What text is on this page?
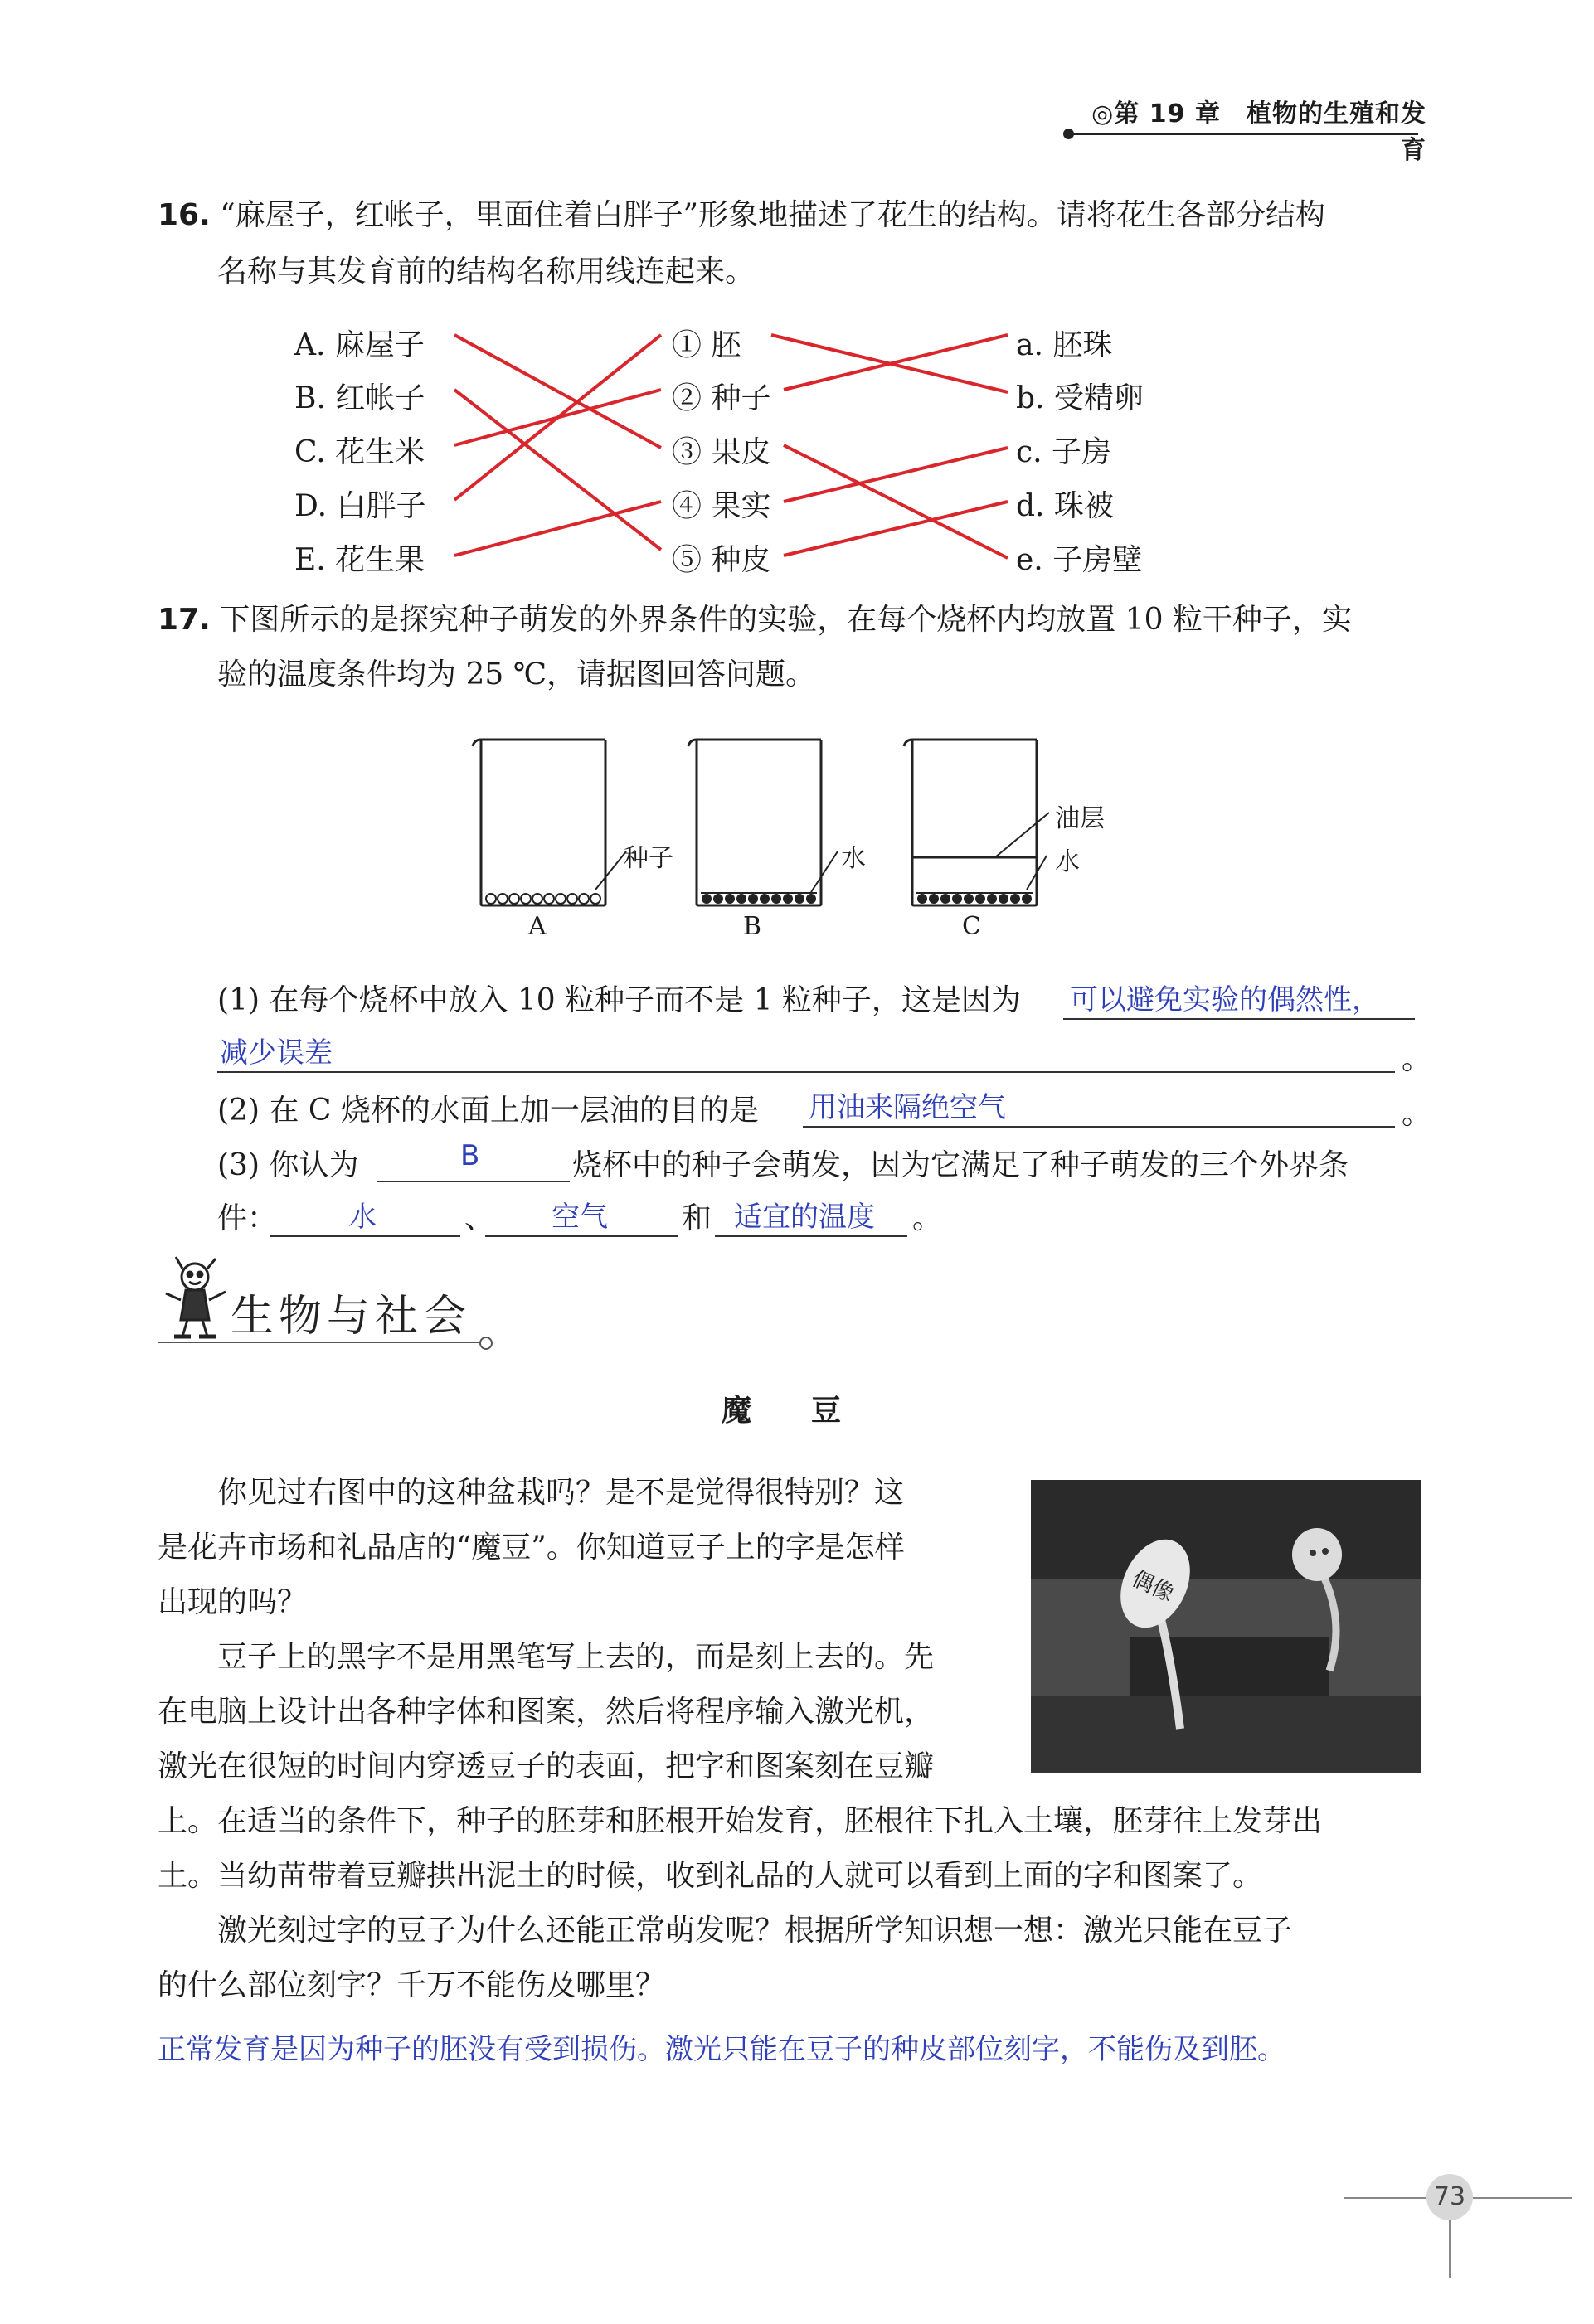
◎第 19 章　植物的生殖和发育
16. “麻屋子，红帐子，里面住着白胖子”形象地描述了花生的结构。请将花生各部分结构
名称与其发育前的结构名称用线连起来。
A. 麻屋子
B. 红帐子
C. 花生米
D. 白胖子
E. 花生果
① 胚
② 种子
③ 果皮
④ 果实
⑤ 种皮
a. 胚珠
b. 受精卵
c. 子房
d. 珠被
e. 子房壁
17. 下图所示的是探究种子萌发的外界条件的实验，在每个烧杯内均放置 10 粒干种子，实
验的温度条件均为 25 ℃，请据图回答问题。
种子	水
油层
水
A	B	C
(1) 在每个烧杯中放入 10 粒种子而不是 1 粒种子，这是因为 可以避免实验的偶然性，
减少误差	。
(2) 在 C 烧杯的水面上加一层油的目的是 用油来隔绝空气	。
(3) 你认为	B	烧杯中的种子会萌发，因为它满足了种子萌发的三个外界条
件：	水	、 空气 和 适宜的温度 。
生物与社会
魔　　豆
你见过右图中的这种盆栽吗？是不是觉得很特别？这
是花卉市场和礼品店的“魔豆”。你知道豆子上的字是怎样
出现的吗？
豆子上的黑字不是用黑笔写上去的，而是刻上去的。先
在电脑上设计出各种字体和图案，然后将程序输入激光机，
激光在很短的时间内穿透豆子的表面，把字和图案刻在豆瓣
上。在适当的条件下，种子的胚芽和胚根开始发育，胚根往下扎入土壤，胚芽往上发芽出
土。当幼苗带着豆瓣拱出泥土的时候，收到礼品的人就可以看到上面的字和图案了。
激光刻过字的豆子为什么还能正常萌发呢？根据所学知识想一想：激光只能在豆子
的什么部位刻字？千万不能伤及哪里？
正常发育是因为种子的胚没有受到损伤。激光只能在豆子的种皮部位刻字，不能伤及到胚。
偶像
73
